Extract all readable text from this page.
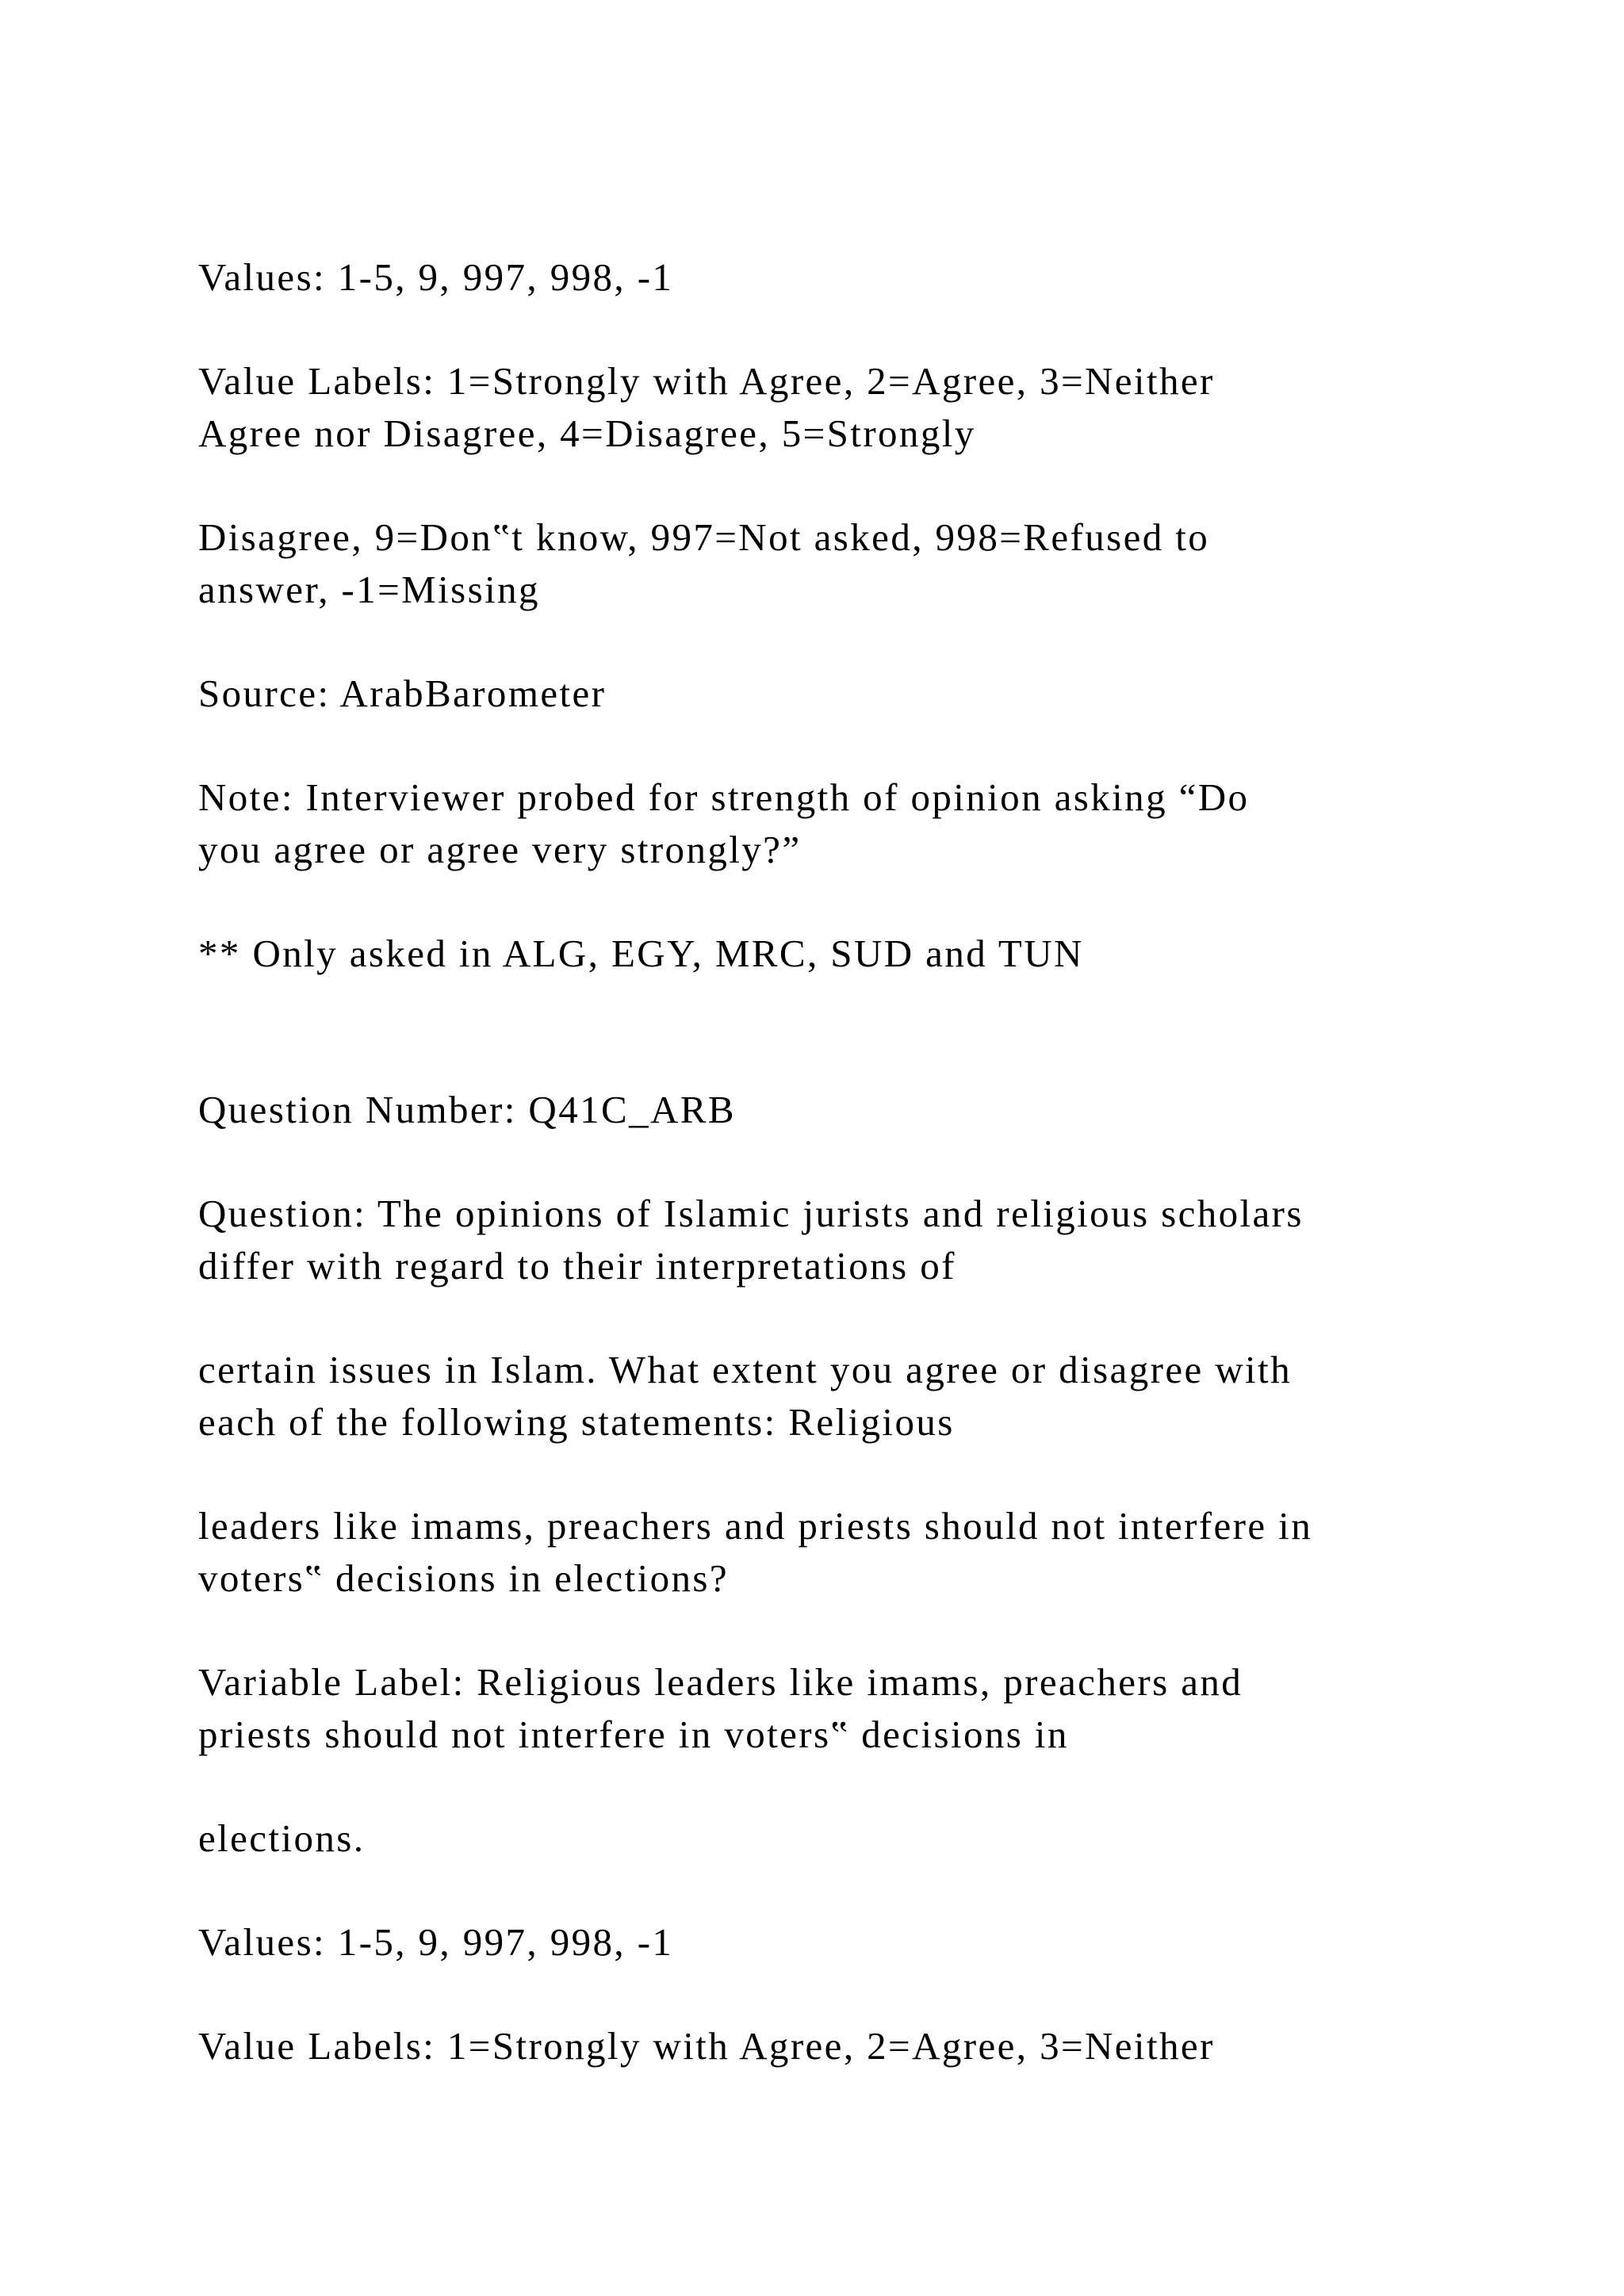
Values: 1-5, 9, 997, 998, -1

Value Labels: 1=Strongly with Agree, 2=Agree, 3=Neither
Agree nor Disagree, 4=Disagree, 5=Strongly

Disagree, 9=Don‟t know, 997=Not asked, 998=Refused to
answer, -1=Missing

Source: ArabBarometer

Note: Interviewer probed for strength of opinion asking “Do
you agree or agree very strongly?”

** Only asked in ALG, EGY, MRC, SUD and TUN

Question Number: Q41C_ARB

Question: The opinions of Islamic jurists and religious scholars
differ with regard to their interpretations of

certain issues in Islam. What extent you agree or disagree with
each of the following statements: Religious

leaders like imams, preachers and priests should not interfere in
voters‟ decisions in elections?

Variable Label: Religious leaders like imams, preachers and
priests should not interfere in voters‟ decisions in

elections.

Values: 1-5, 9, 997, 998, -1

Value Labels: 1=Strongly with Agree, 2=Agree, 3=Neither
